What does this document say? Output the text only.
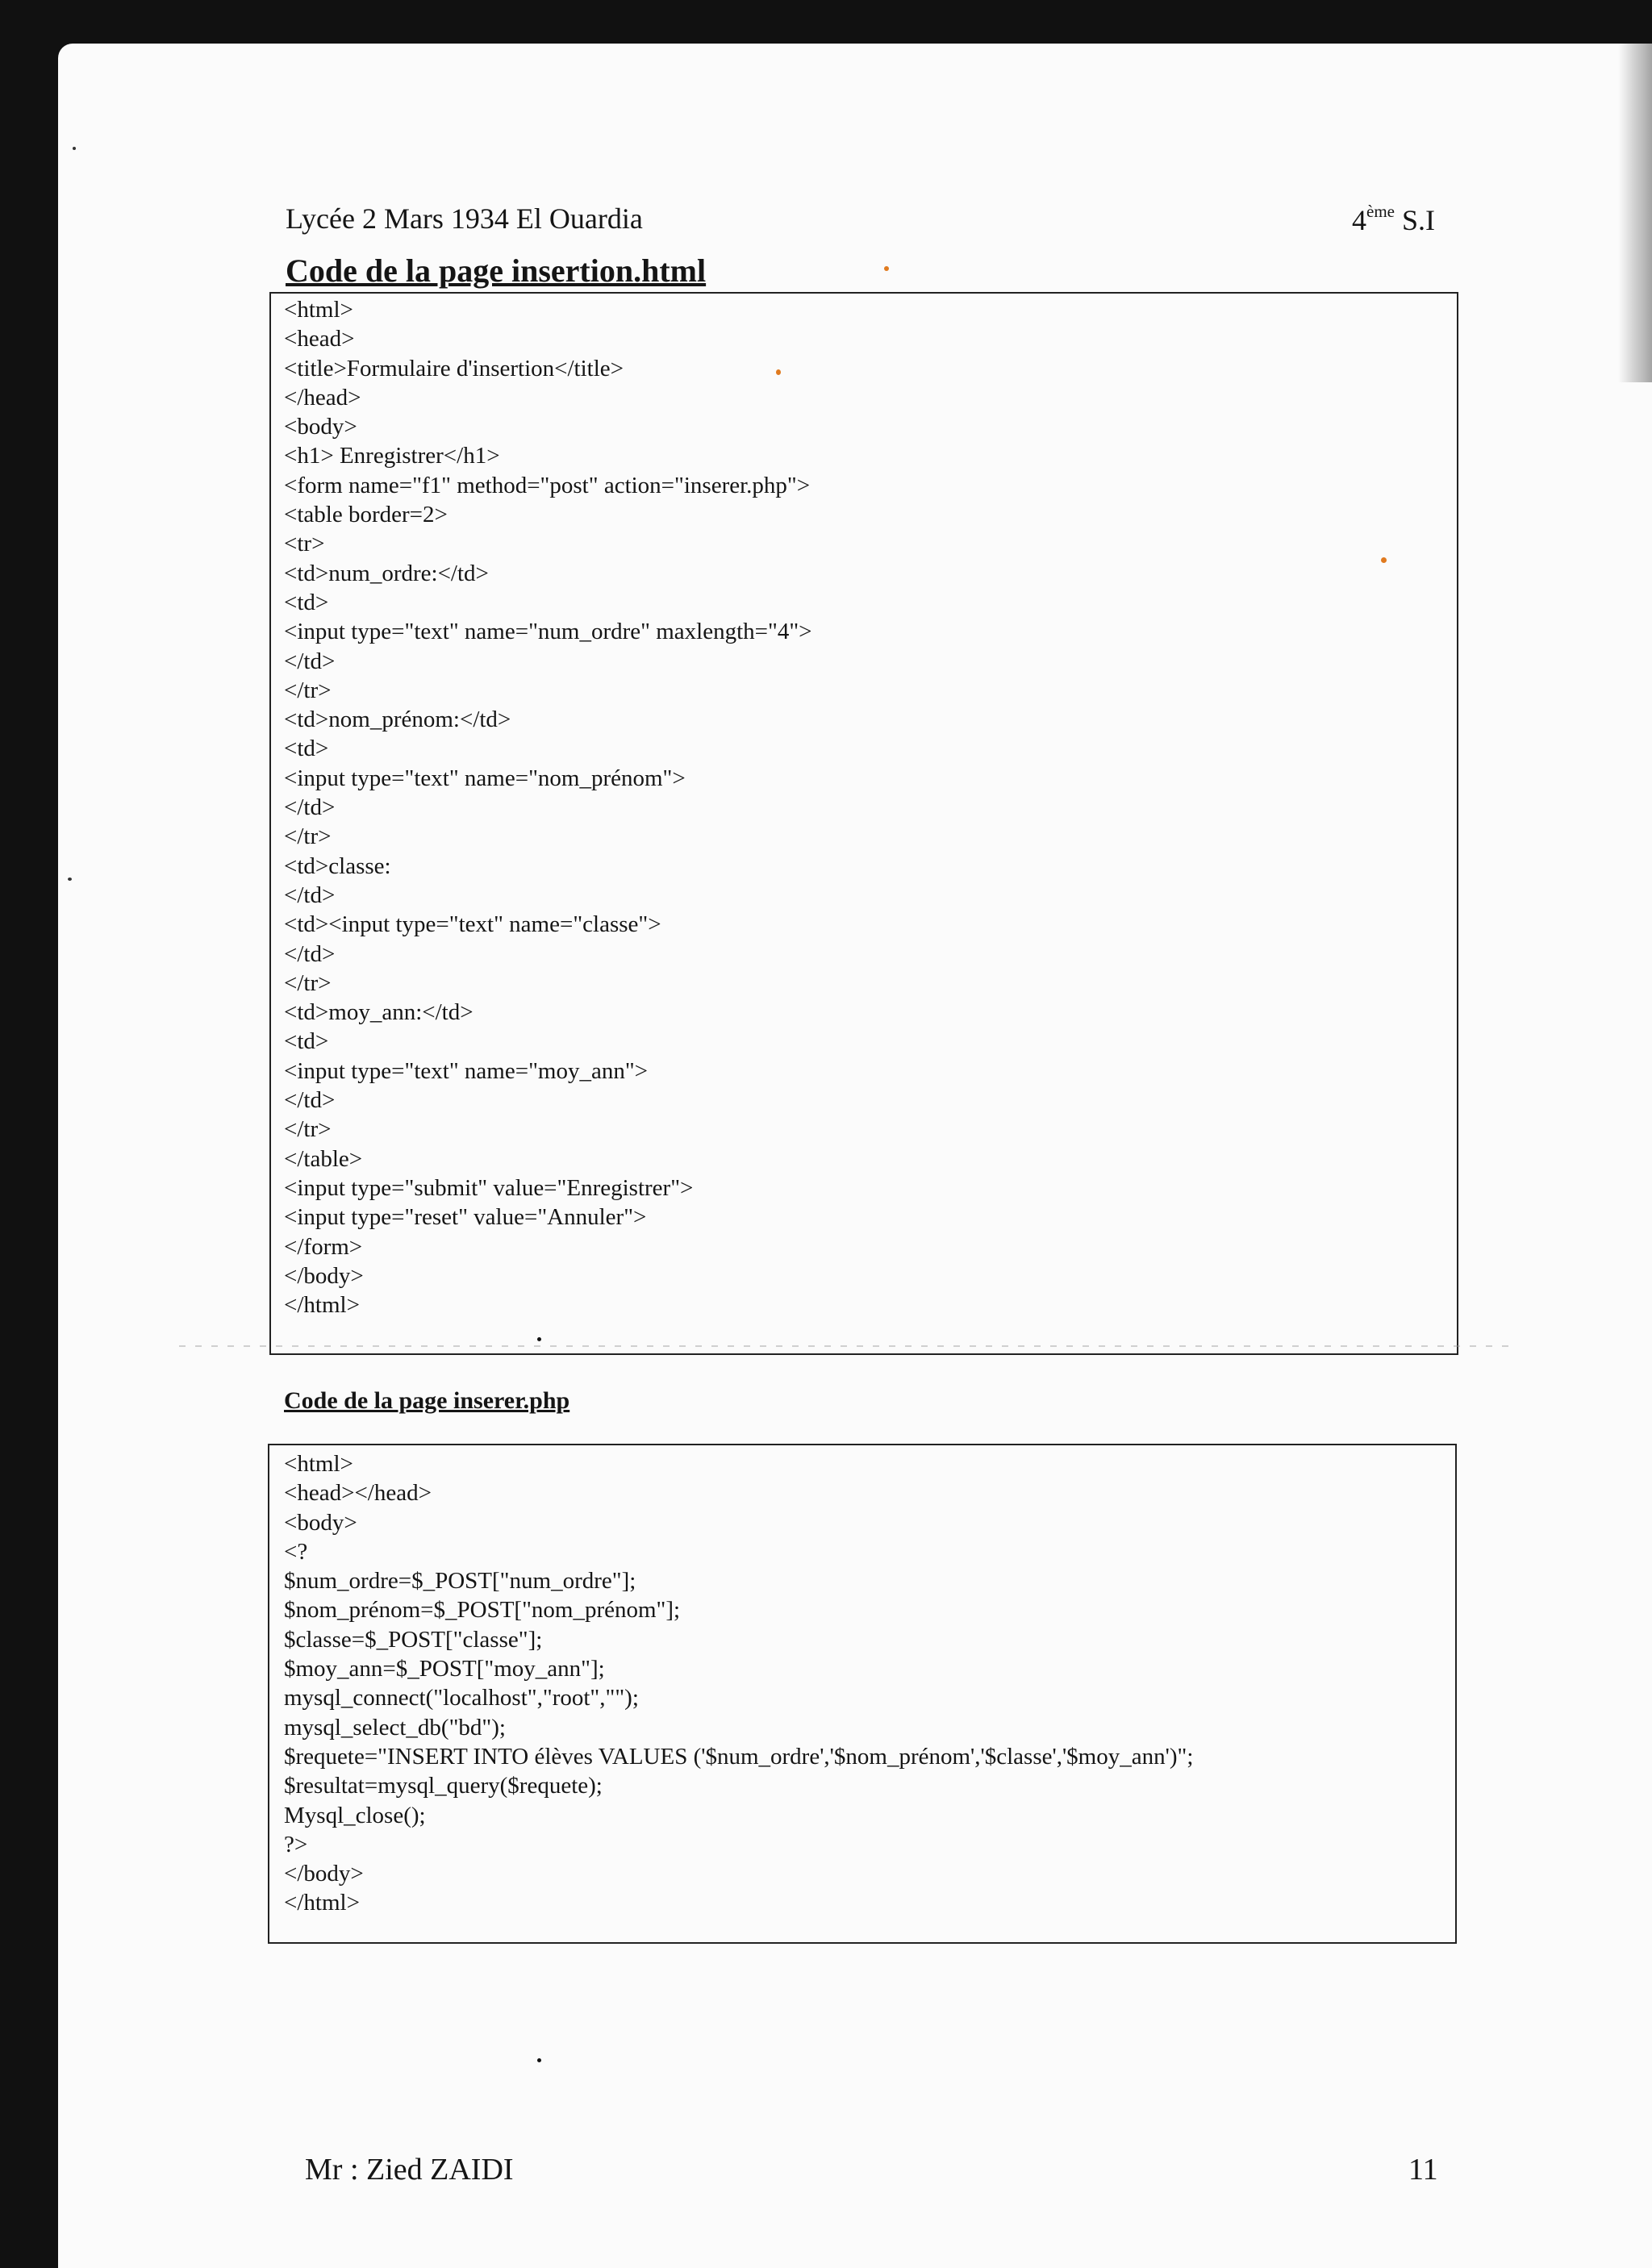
Lycée 2 Mars 1934 El Ouardia	4ème S.I
Code de la page insertion.html
<html>
<head>
<title>Formulaire d'insertion</title>
</head>
<body>
<h1> Enregistrer</h1>
<form name="f1" method="post" action="inserer.php">
<table border=2>
<tr>
<td>num_ordre:</td>
<td>
<input type="text" name="num_ordre" maxlength="4">
</td>
</tr>
<td>nom_prénom:</td>
<td>
<input type="text" name="nom_prénom">
</td>
</tr>
<td>classe:
</td>
<td><input type="text" name="classe">
</td>
</tr>
<td>moy_ann:</td>
<td>
<input type="text" name="moy_ann">
</td>
</tr>
</table>
<input type="submit" value="Enregistrer">
<input type="reset" value="Annuler">
</form>
</body>
</html>
Code de la page inserer.php
<html>
<head></head>
<body>
<?
$num_ordre=$_POST["num_ordre"];
$nom_prénom=$_POST["nom_prénom"];
$classe=$_POST["classe"];
$moy_ann=$_POST["moy_ann"];
mysql_connect("localhost","root","");
mysql_select_db("bd");
$requete="INSERT INTO élèves VALUES ('$num_ordre','$nom_prénom','$classe','$moy_ann')";
$resultat=mysql_query($requete);
Mysql_close();
?>
</body>
</html>
Mr : Zied ZAIDI	11
